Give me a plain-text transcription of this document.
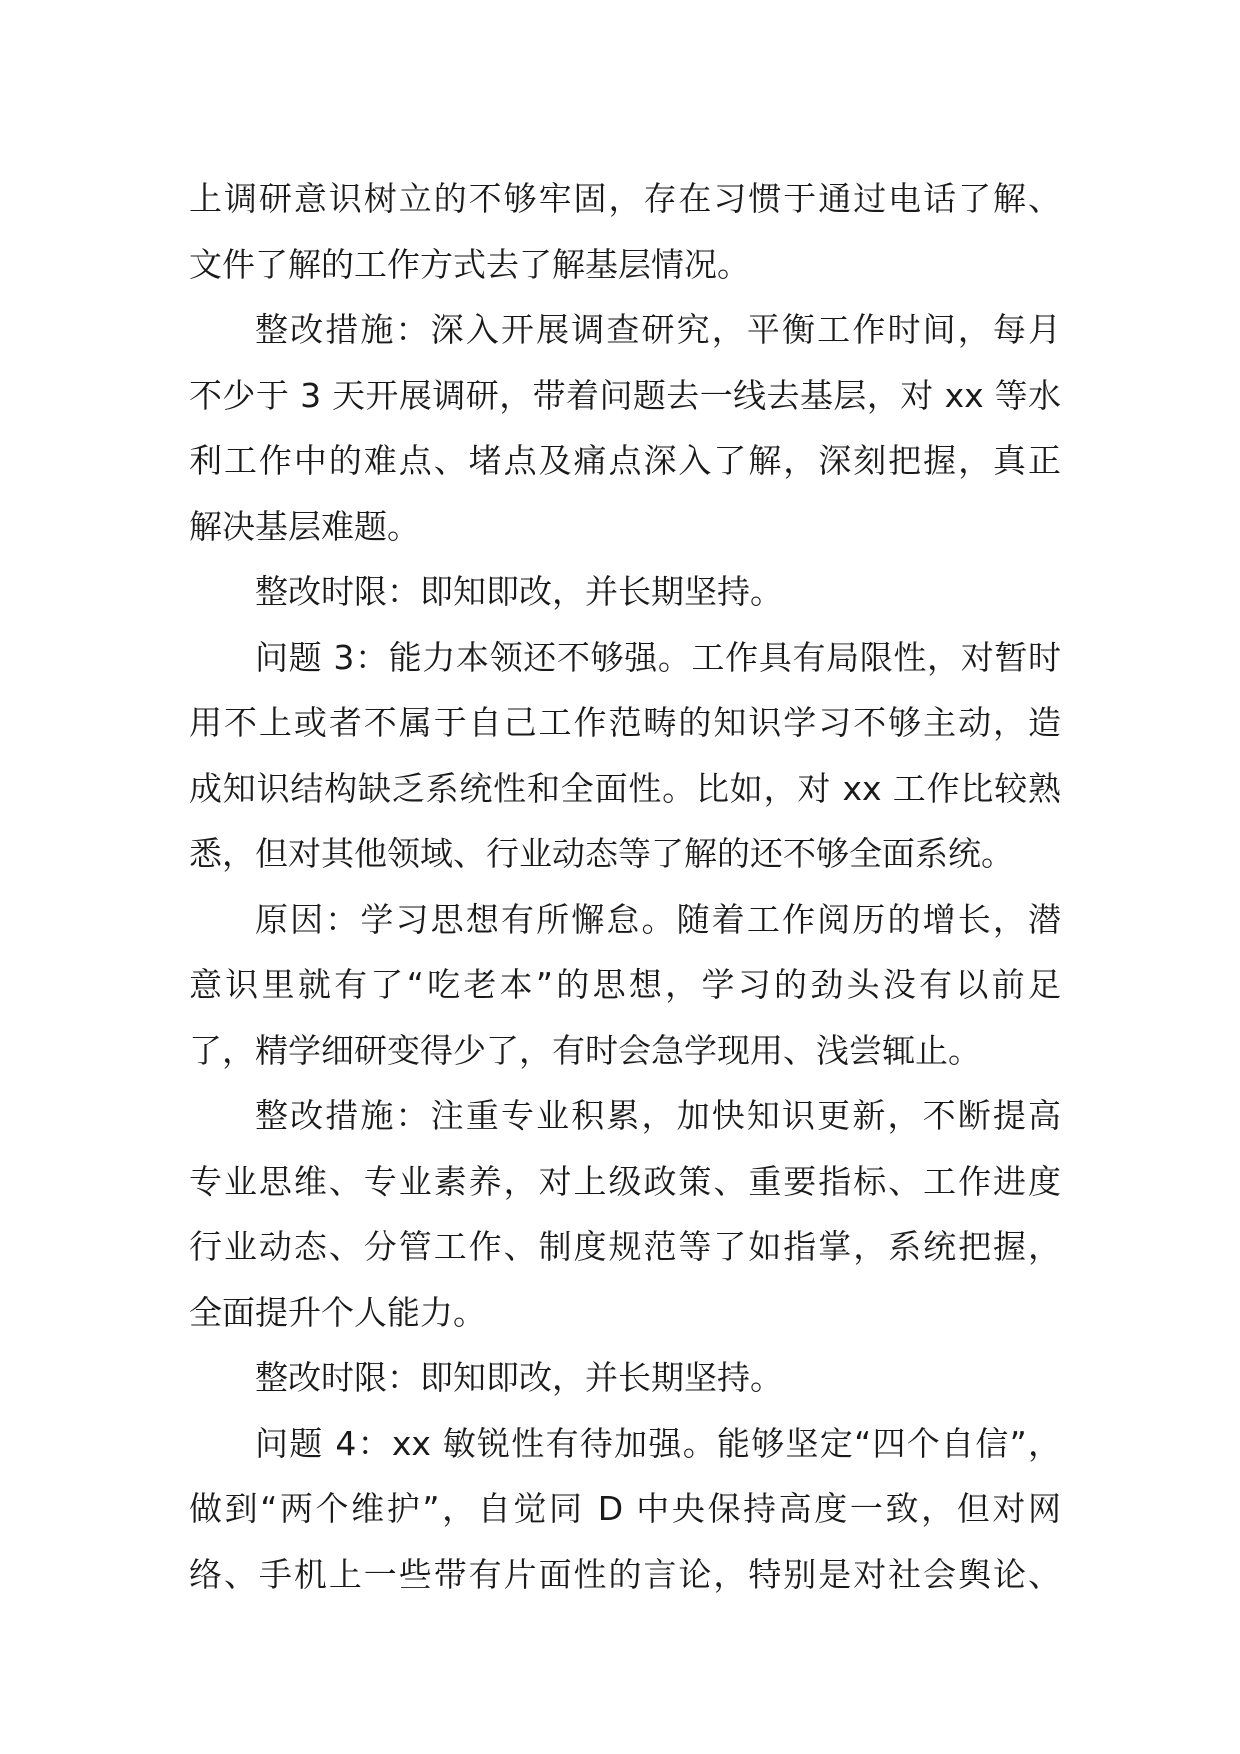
上调研意识树立的不够牢固，存在习惯于通过电话了解、
文件了解的工作方式去了解基层情况。
整改措施：深入开展调查研究，平衡工作时间，每月
不少于 3 天开展调研，带着问题去一线去基层，对 xx 等水
利工作中的难点、堵点及痛点深入了解，深刻把握，真正
解决基层难题。
整改时限：即知即改，并长期坚持。
问题 3：能力本领还不够强。工作具有局限性，对暂时
用不上或者不属于自己工作范畴的知识学习不够主动，造
成知识结构缺乏系统性和全面性。比如，对 xx 工作比较熟
悉，但对其他领域、行业动态等了解的还不够全面系统。
原因：学习思想有所懈怠。随着工作阅历的增长，潜
意识里就有了“吃老本”的思想，学习的劲头没有以前足
了，精学细研变得少了，有时会急学现用、浅尝辄止。
整改措施：注重专业积累，加快知识更新，不断提高
专业思维、专业素养，对上级政策、重要指标、工作进度
行业动态、分管工作、制度规范等了如指掌，系统把握，
全面提升个人能力。
整改时限：即知即改，并长期坚持。
问题 4：xx 敏锐性有待加强。能够坚定“四个自信”，
做到“两个维护”，自觉同 D 中央保持高度一致，但对网
络、手机上一些带有片面性的言论，特别是对社会舆论、
